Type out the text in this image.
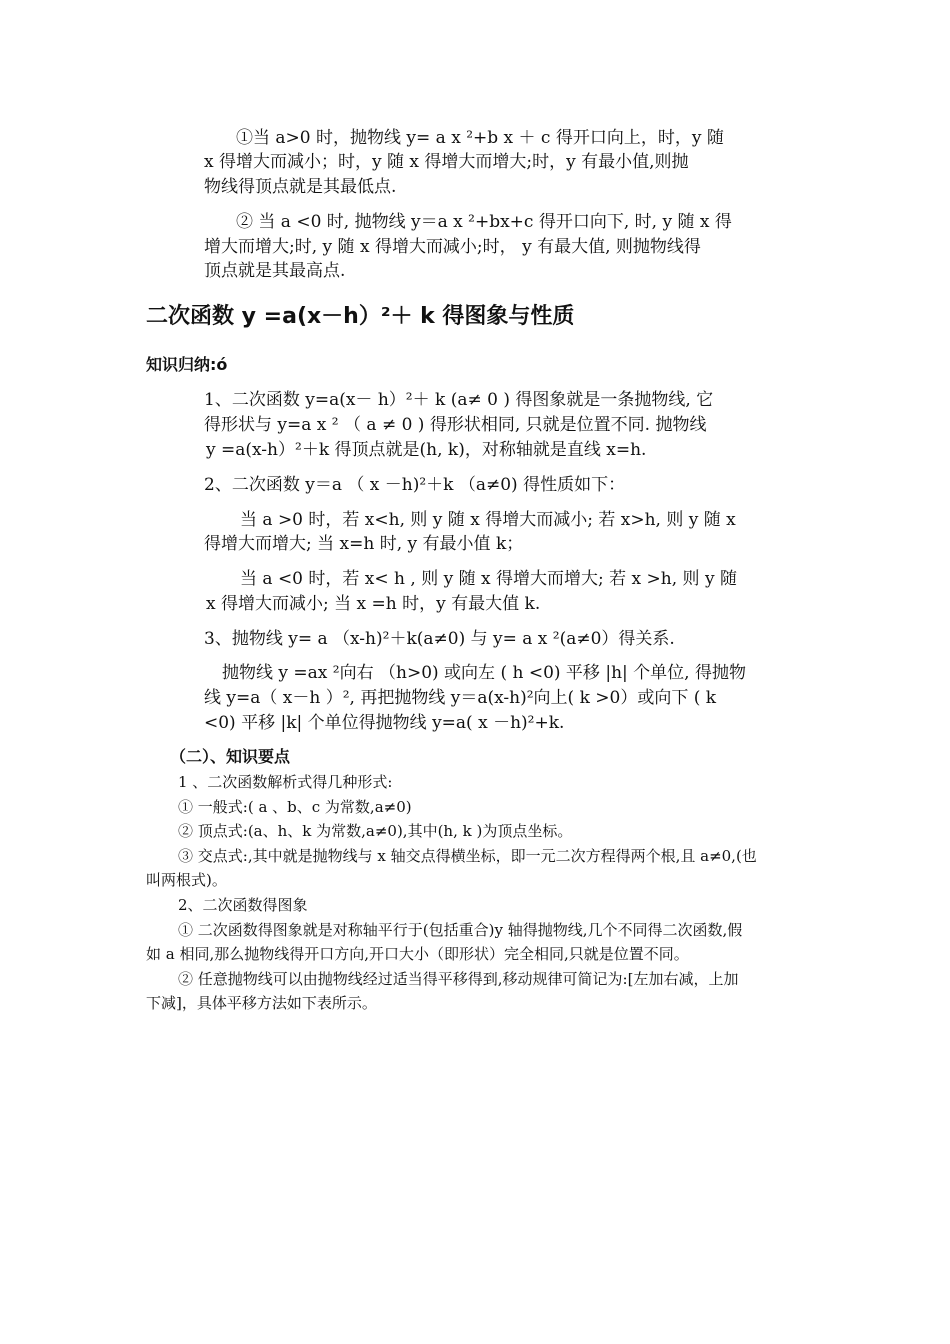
①当 a>0 时，抛物线 y= a x ²+b x ＋ c 得开口向上，时，y 随
x 得增大而减小；时，y 随 x 得增大而增大;时，y 有最小值,则抛
物线得顶点就是其最低点.
② 当 a <0 时, 抛物线 y＝a x ²+bx+c 得开口向下, 时, y 随 x 得
增大而增大;时, y 随 x 得增大而减小;时， y 有最大值, 则抛物线得
顶点就是其最高点.
二次函数 y =a(x－h）²＋ k 得图象与性质
知识归纳:ó
1、二次函数 y=a(x－ h）²＋ k (a≠ 0 ) 得图象就是一条抛物线, 它
得形状与 y=a x ² （ a ≠ 0 ) 得形状相同, 只就是位置不同. 抛物线
y =a(x-h）²＋k 得顶点就是(h, k)，对称轴就是直线 x=h.
2、二次函数 y＝a （ x －h)²＋k （a≠0) 得性质如下：
当 a >0 时，若 x<h, 则 y 随 x 得增大而减小; 若 x>h, 则 y 随 x
得增大而增大; 当 x=h 时, y 有最小值 k；
当 a <0 时，若 x< h , 则 y 随 x 得增大而增大; 若 x >h, 则 y 随
x 得增大而减小; 当 x =h 时，y 有最大值 k.
3、抛物线 y= a （x-h)²＋k(a≠0) 与 y= a x ²(a≠0）得关系.
抛物线 y =ax ²向右 （h>0) 或向左 ( h <0) 平移 |h| 个单位, 得抛物
线 y=a（ x－h ）², 再把抛物线 y＝a(x-h)²向上( k >0）或向下 ( k
<0) 平移 |k| 个单位得抛物线 y=a( x －h)²+k.
（二）、知识要点
1 、二次函数解析式得几种形式:
① 一般式:( a 、b、c 为常数,a≠0)
② 顶点式:(a、h、k 为常数,a≠0),其中(h, k )为顶点坐标。
③ 交点式:,其中就是抛物线与 x 轴交点得横坐标，即一元二次方程得两个根,且 a≠0,(也
叫两根式)。
2、二次函数得图象
① 二次函数得图象就是对称轴平行于(包括重合)y 轴得抛物线,几个不同得二次函数,假
如 a 相同,那么抛物线得开口方向,开口大小（即形状）完全相同,只就是位置不同。
② 任意抛物线可以由抛物线经过适当得平移得到,移动规律可简记为:[左加右减，上加
下减]，具体平移方法如下表所示。
